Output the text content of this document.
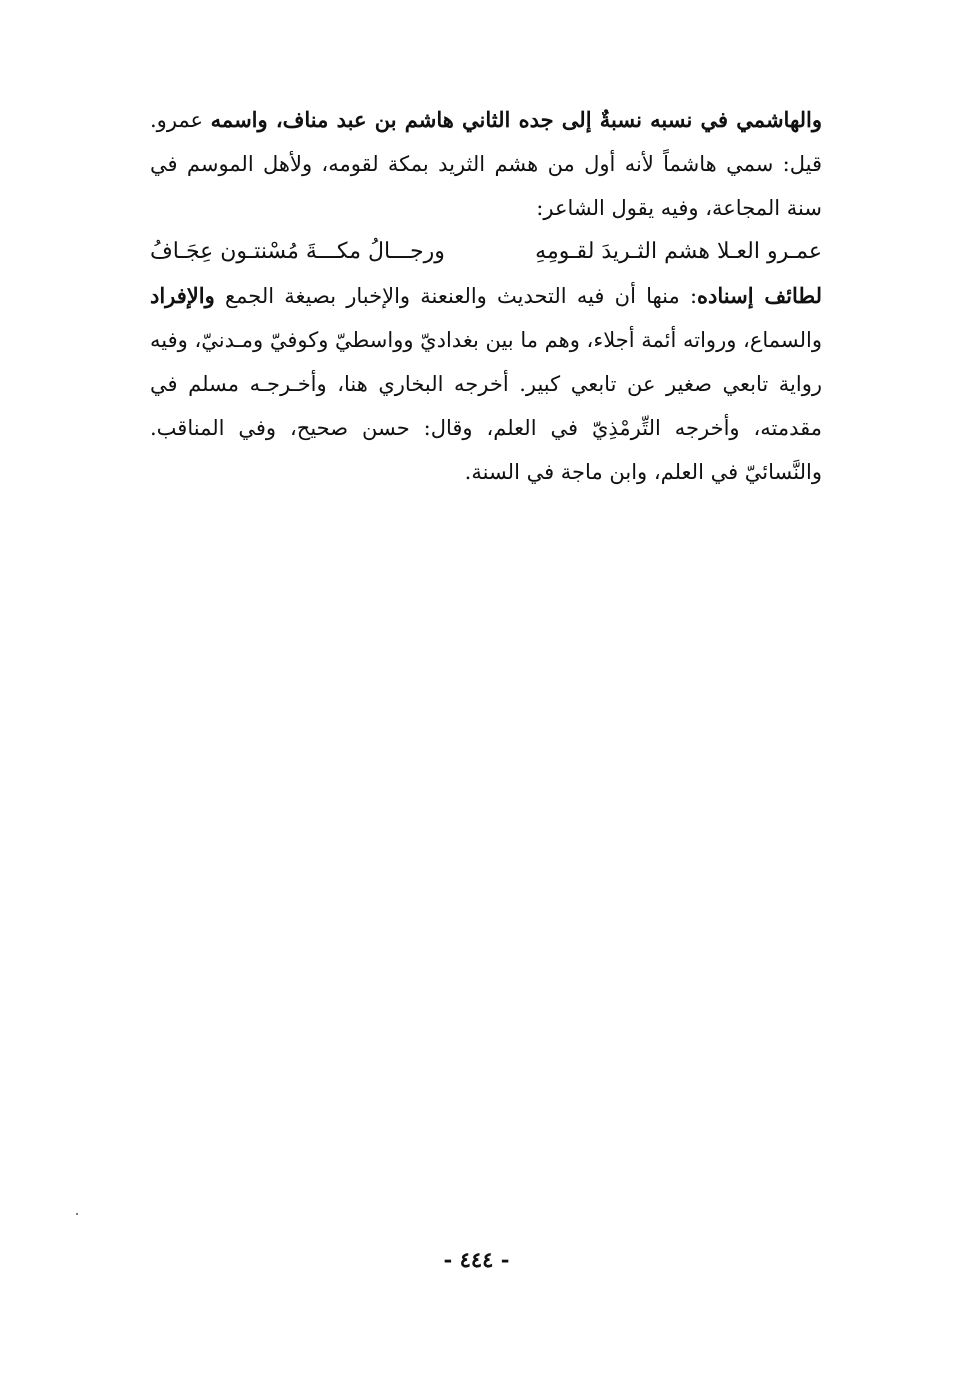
والهاشمي في نسبه نسبةٌ إلى جده الثاني هاشم بن عبد مناف، واسمه عمرو. قيل: سمي هاشماً لأنه أول من هشم الثريد بمكة لقومه، ولأهل الموسم في سنة المجاعة، وفيه يقول الشاعر:

عمـرو العـلا هشم الثـريدَ لقـومِهِ
ورجـــالُ مكـــةَ مُسْنتـون عِجَـافُ

لطائف إسناده: منها أن فيه التحديث والعنعنة والإخبار بصيغة الجمع والإفراد والسماع، ورواته أئمة أجلاء، وهم ما بين بغداديّ وواسطيّ وكوفيّ ومـدنيّ، وفيه رواية تابعي صغير عن تابعي كبير. أخرجه البخاري هنا، وأخـرجـه مسلم في مقدمته، وأخرجه التِّرمْذِيّ في العلم، وقال: حسن صحيح، وفي المناقب. والنَّسائيّ في العلم، وابن ماجة في السنة.

- ٤٤٤ -
